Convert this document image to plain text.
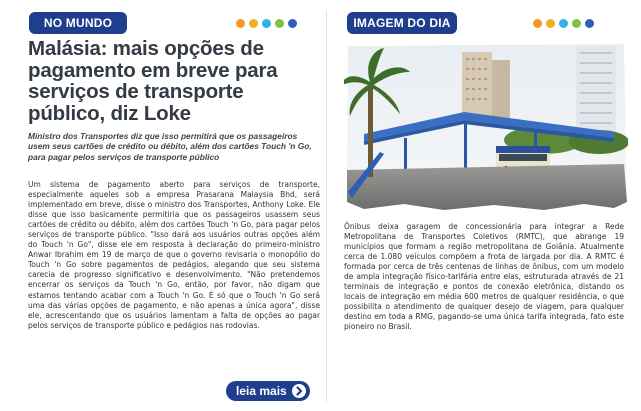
NO MUNDO
Malásia: mais opções de pagamento em breve para serviços de transporte público, diz Loke

Ministro dos Transportes diz que isso permitirá que os passageiros usem seus cartões de crédito ou débito, além dos cartões Touch 'n Go, para pagar pelos serviços de transporte público

Um sistema de pagamento aberto para serviços de transporte, especialmente aqueles sob a empresa Prasarana Malaysia Bhd, será implementado em breve, disse o ministro dos Transportes, Anthony Loke. Ele disse que isso basicamente permitiria que os passageiros usassem seus cartões de crédito ou débito, além dos cartões Touch 'n Go, para pagar pelos serviços de transporte público. "Isso dará aos usuários outras opções além do Touch 'n Go", disse ele em resposta à declaração do primeiro-ministro Anwar Ibrahim em 19 de março de que o governo revisaria o monopólio do Touch 'n Go sobre pagamentos de pedágios, alegando que seu sistema carecia de progresso significativo e desenvolvimento. "Não pretendemos encerrar os serviços da Touch 'n Go, então, por favor, não digam que estamos tentando acabar com a Touch 'n Go. É só que o Touch 'n Go será uma das várias opções de pagamento, e não apenas a única agora", disse ele, acrescentando que os usuários lamentam a falta de opções ao pagar pelos serviços de transporte público e pedágios nas rodovias.

leia mais
IMAGEM DO DIA

Ônibus deixa garagem de concessionária para integrar a Rede Metropolitana de Transportes Coletivos (RMTC), que abrange 19 municípios que formam a região metropolitana de Goiânia. Atualmente cerca de 1.080 veículos compõem a frota de largada por dia. A RMTC é formada por cerca de três centenas de linhas de ônibus, com um modelo de ampla integração físico-tarifária entre elas, estruturada através de 21 terminais de integração e pontos de conexão eletrônica, distando os locais de integração em média 600 metros de qualquer residência, o que possibilita o atendimento de qualquer desejo de viagem, para qualquer destino em toda a RMG, pagando-se uma única tarifa integrada, fato este pioneiro no Brasil.
